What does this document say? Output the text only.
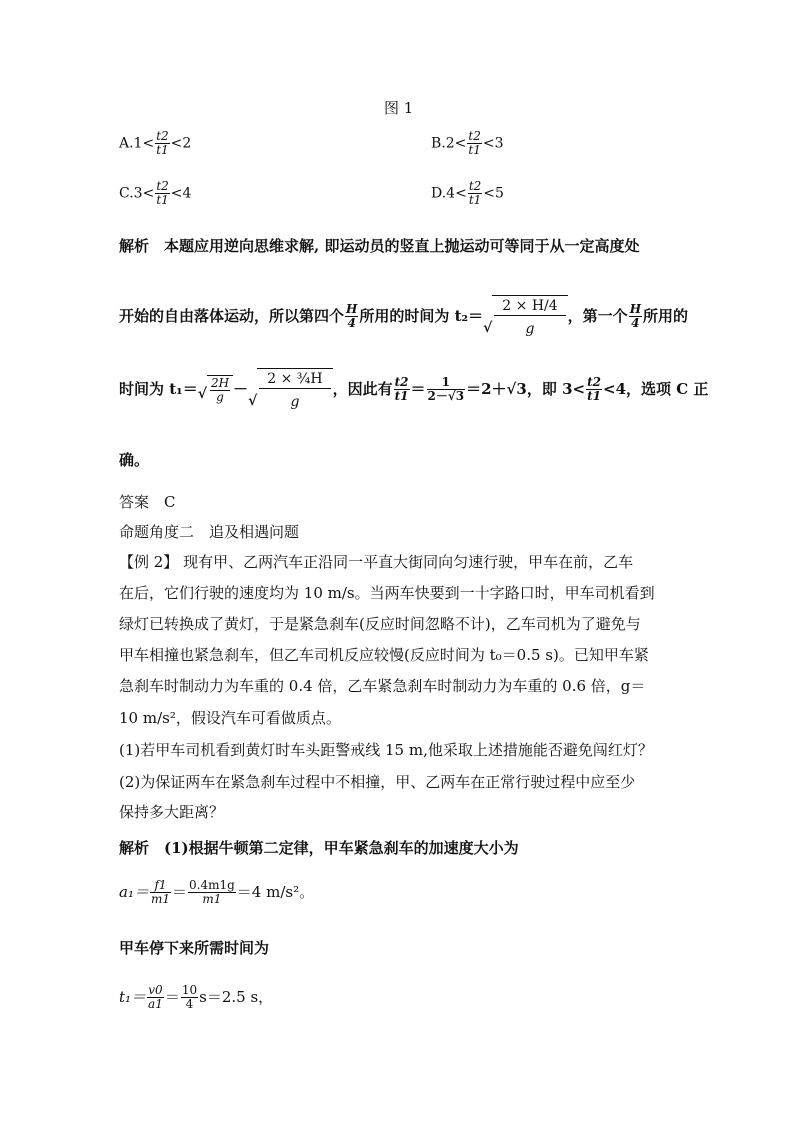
图 1
$A.1< \frac{t2}{t1} <2$	$B.2< \frac{t2}{t1} <3$
$C.3< \frac{t2}{t1} <4$	$D.4< \frac{t2}{t1} <5$
解析　本题应用逆向思维求解, 即运动员的竖直上抛运动可等同于从一定高度处
开始的自由落体运动，所以第四个 $\frac{H}{4}$ 所用的时间为 t₂＝
√ $\frac{2 \times H/4}{g}$ ，第一个 $\frac{H}{4}$ 所用的
时间为 t₁＝ √ $\frac{2H}{g}$ －
√ $\frac{\text{2 × ¾H}}{g}$ ，因此有 $\frac{t2}{t1} = \frac{1}{2-√3} =2+√3$，即 $3< \frac{t2}{t1} <4$，选项 C 正
确。
答案　C
命题角度二　追及相遇问题
【例 2】 现有甲、乙两汽车正沿同一平直大街同向匀速行驶，甲车在前，乙车
在后，它们行驶的速度均为 10 m/s。当两车快要到一十字路口时，甲车司机看到
绿灯已转换成了黄灯，于是紧急刹车(反应时间忽略不计)，乙车司机为了避免与
甲车相撞也紧急刹车，但乙车司机反应较慢(反应时间为 t₀＝0.5 s)。已知甲车紧
急刹车时制动力为车重的 0.4 倍，乙车紧急刹车时制动力为车重的 0.6 倍，g＝
10 m/s²，假设汽车可看做质点。
(1)若甲车司机看到黄灯时车头距警戒线 15 m,他采取上述措施能否避免闯红灯？
(2)为保证两车在紧急刹车过程中不相撞，甲、乙两车在正常行驶过程中应至少
保持多大距离？
解析　(1)根据牛顿第二定律，甲车紧急刹车的加速度大小为
$a_1= \frac{f1}{m1} = \frac{0.4m1g}{m1} =4$ m/s²。
甲车停下来所需时间为
$t_1= \frac{v0}{a1} = \frac{10}{4} s=2.5$ s，
